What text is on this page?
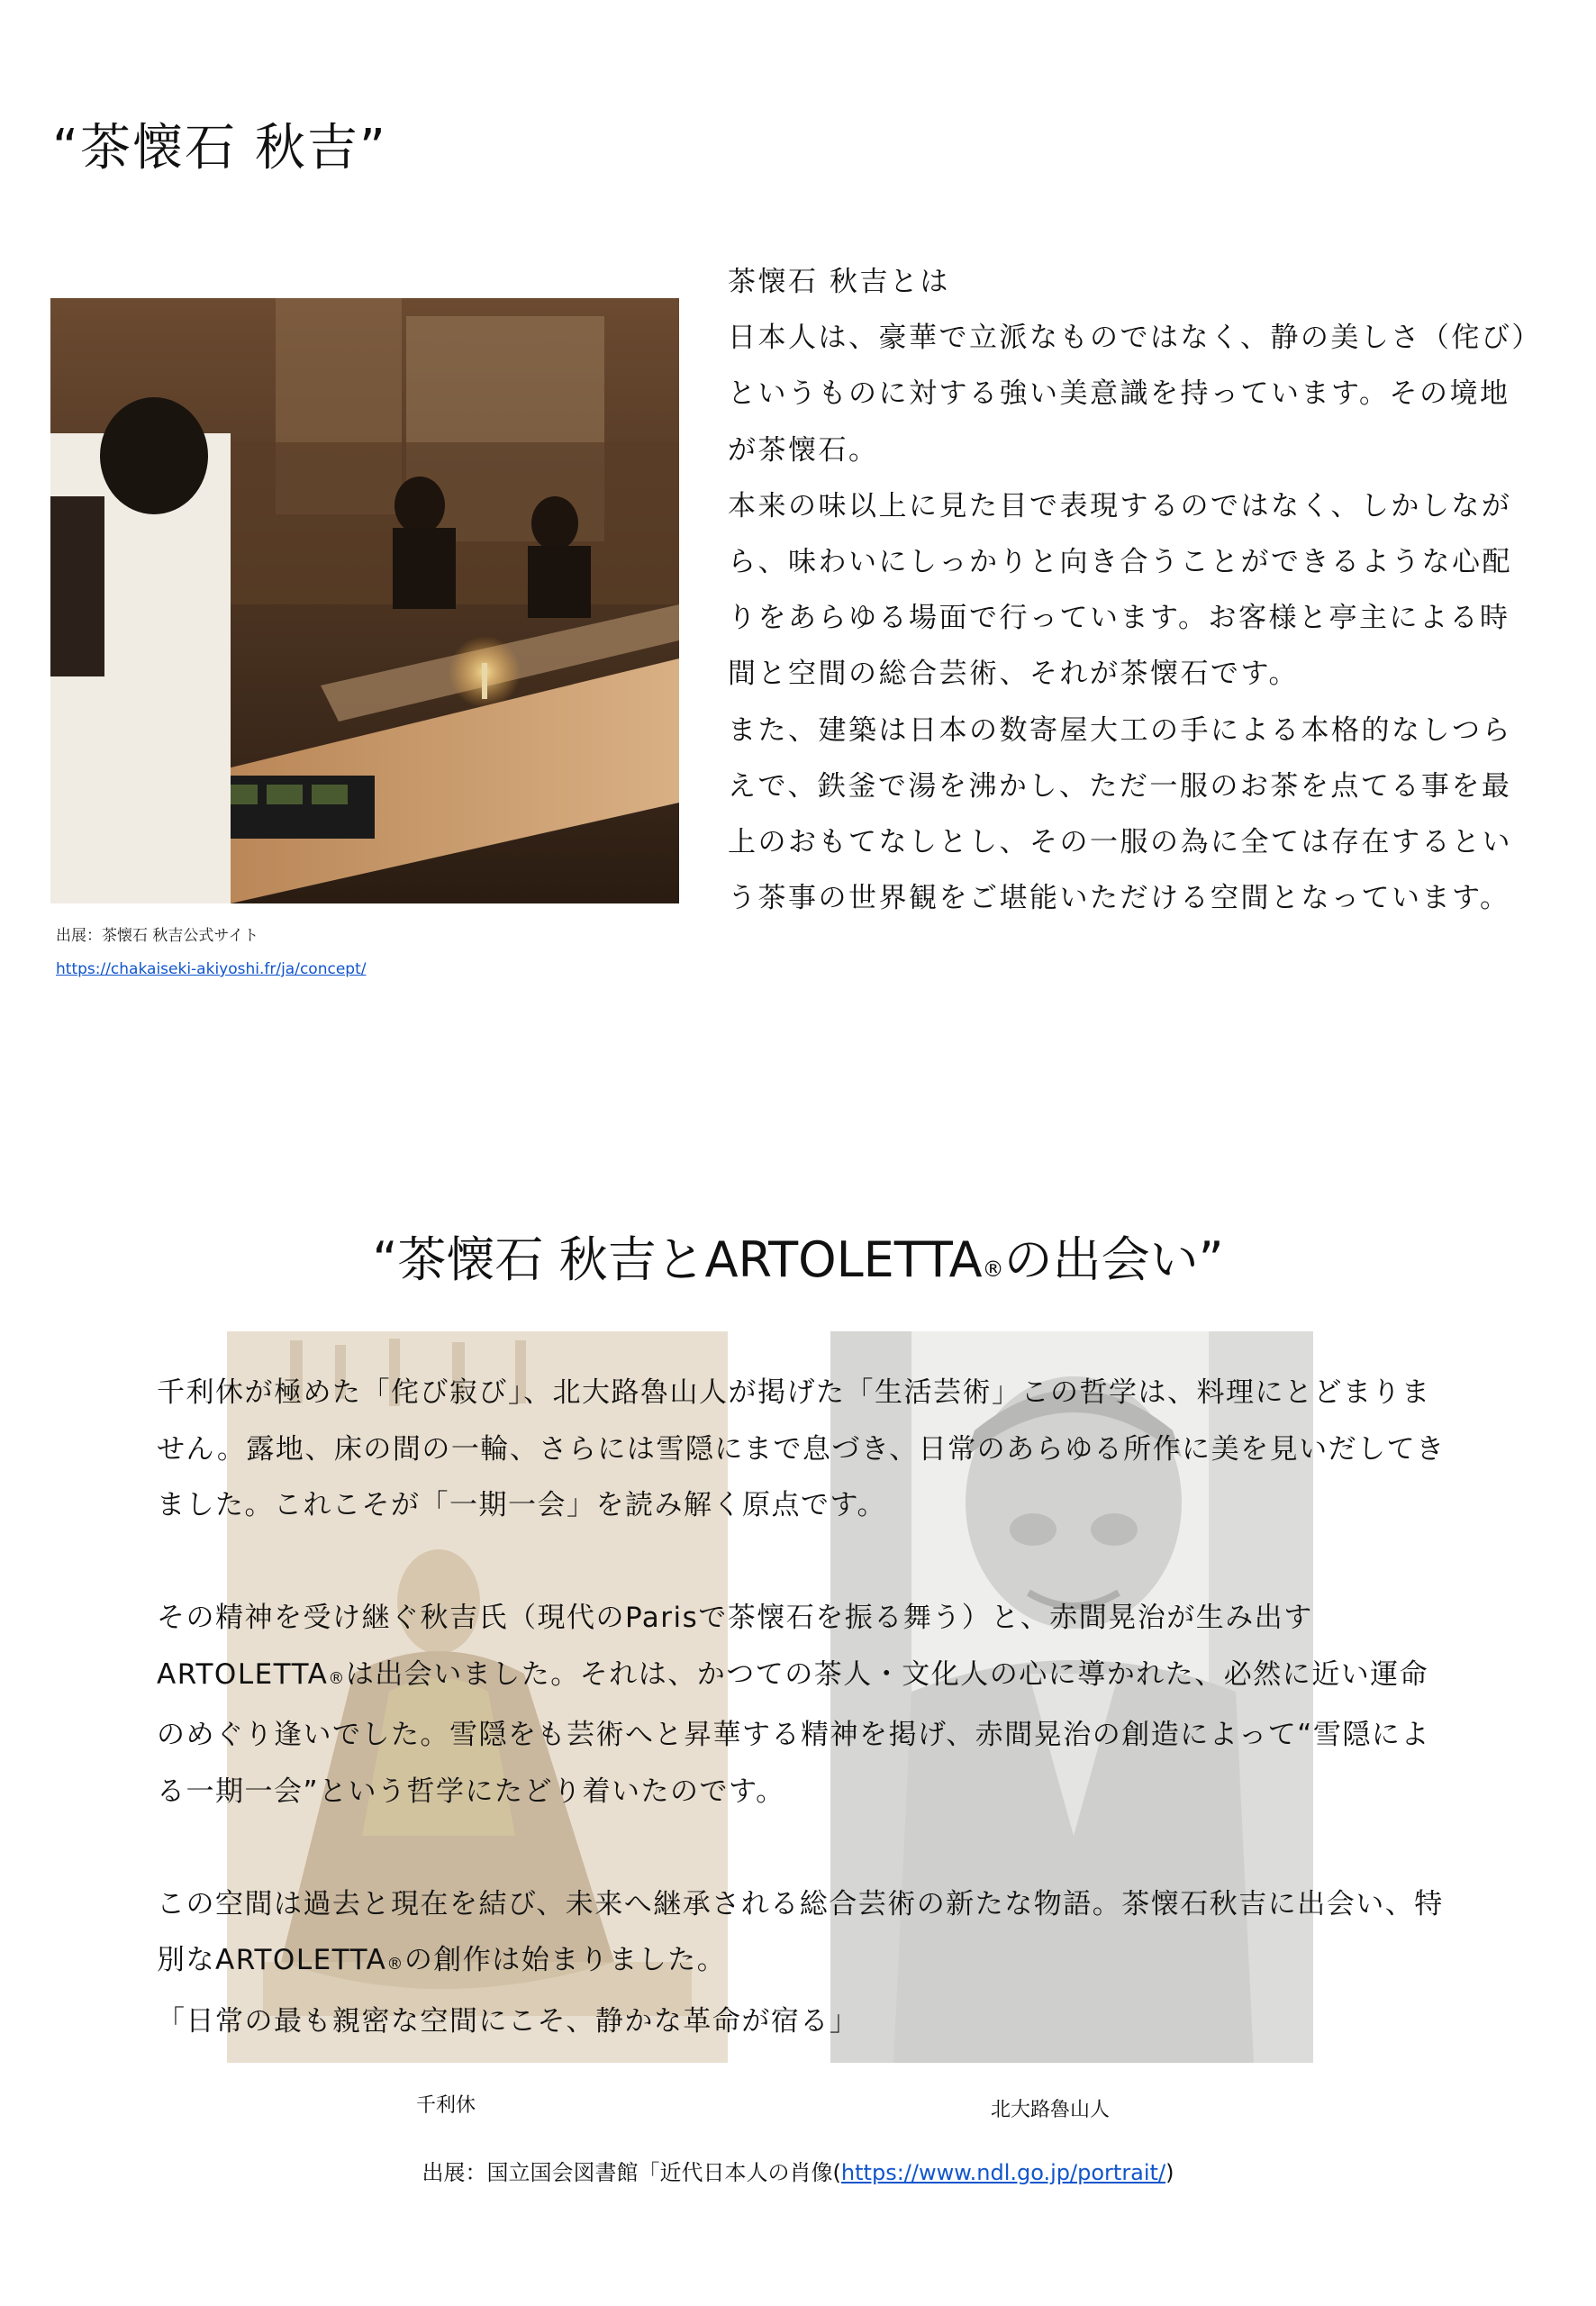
“茶懐石 秋吉”
出展：茶懐石 秋吉公式サイト
https://chakaiseki-akiyoshi.fr/ja/concept/

茶懐石 秋吉とは

日本人は、豪華で立派なものではなく、静の美しさ（侘び）というものに対する強い美意識を持っています。その境地が茶懐石。

本来の味以上に見た目で表現するのではなく、しかしながら、味わいにしっかりと向き合うことができるような心配りをあらゆる場面で行っています。お客様と亭主による時間と空間の総合芸術、それが茶懐石です。

また、建築は日本の数寄屋大工の手による本格的なしつらえで、鉄釜で湯を沸かし、ただ一服のお茶を点てる事を最上のおもてなしとし、その一服の為に全ては存在するという茶事の世界観をご堪能いただける空間となっています。

“茶懐石 秋吉とARTOLETTA®の出会い”

千利休が極めた「侘び寂び」、北大路魯山人が掲げた「生活芸術」この哲学は、料理にとどまりません。露地、床の間の一輪、さらには雪隠にまで息づき、日常のあらゆる所作に美を見いだしてきました。これこそが「一期一会」を読み解く原点です。

その精神を受け継ぐ秋吉氏（現代のParisで茶懐石を振る舞う）と、赤間晃治が生み出すARTOLETTA®は出会いました。それは、かつての茶人・文化人の心に導かれた、必然に近い運命のめぐり逢いでした。雪隠をも芸術へと昇華する精神を掲げ、赤間晃治の創造によって“雪隠による一期一会”という哲学にたどり着いたのです。

この空間は過去と現在を結び、未来へ継承される総合芸術の新たな物語。茶懐石秋吉に出会い、特別なARTOLETTA®の創作は始まりました。
「日常の最も親密な空間にこそ、静かな革命が宿る」

千利休	北大路魯山人
出展：国立国会図書館「近代日本人の肖像(https://www.ndl.go.jp/portrait/)
